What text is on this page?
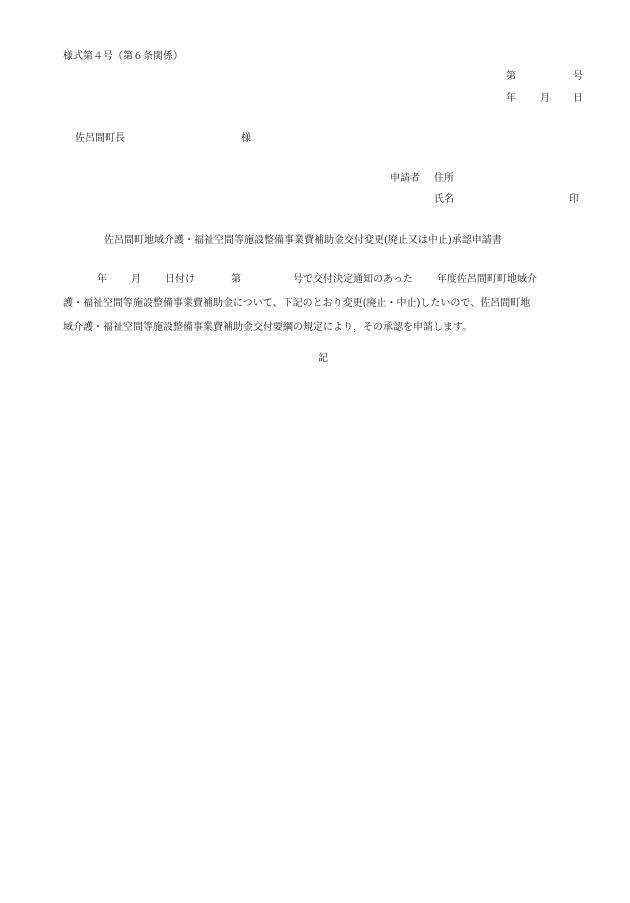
様式第４号（第６条関係）
第	号
年 月 日
佐呂間町長	様
申請者 住所
氏名	印
佐呂間町地域介護・福祉空間等施設整備事業費補助金交付変更(廃止又は中止)承認申請書
年 月 日付け	第	号で交付決定通知のあった 年度佐呂間町町地域介
護・福祉空間等施設整備事業費補助金について、下記のとおり変更(廃止・中止)したいので、佐呂間町地
域介護・福祉空間等施設整備事業費補助金交付要綱の規定により，その承認を申請します。
記
